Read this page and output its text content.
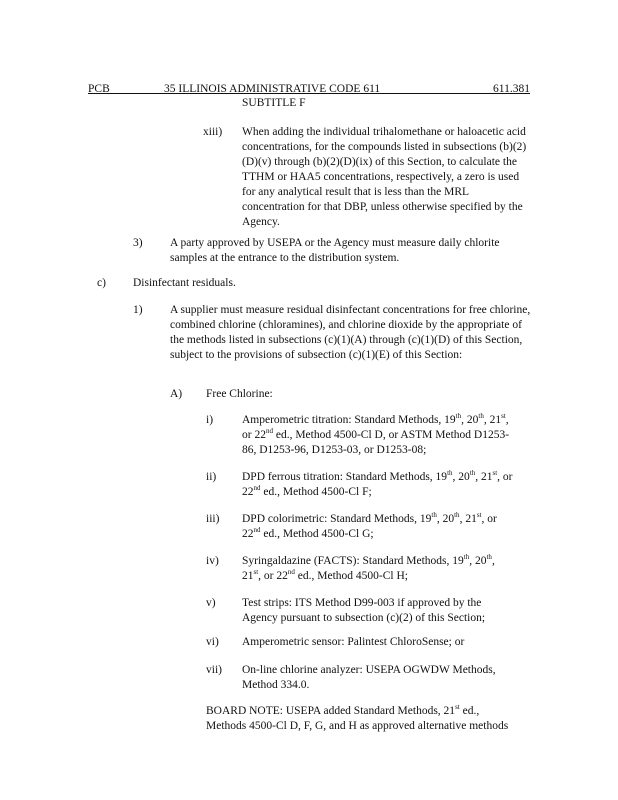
PCB	35 ILLINOIS ADMINISTRATIVE CODE 611	611.381
SUBTITLE F
xiii) When adding the individual trihalomethane or haloacetic acid concentrations, for the compounds listed in subsections (b)(2)(D)(v) through (b)(2)(D)(ix) of this Section, to calculate the TTHM or HAA5 concentrations, respectively, a zero is used for any analytical result that is less than the MRL concentration for that DBP, unless otherwise specified by the Agency.
3) A party approved by USEPA or the Agency must measure daily chlorite samples at the entrance to the distribution system.
c) Disinfectant residuals.
1) A supplier must measure residual disinfectant concentrations for free chlorine, combined chlorine (chloramines), and chlorine dioxide by the appropriate of the methods listed in subsections (c)(1)(A) through (c)(1)(D) of this Section, subject to the provisions of subsection (c)(1)(E) of this Section:
A) Free Chlorine:
i)	Amperometric titration: Standard Methods, 19th, 20th, 21st,
or 22nd ed., Method 4500-Cl D, or ASTM Method D1253-
86, D1253-96, D1253-03, or D1253-08;
ii) DPD ferrous titration: Standard Methods, 19th, 20th, 21st, or
22nd ed., Method 4500-Cl F;
iii) DPD colorimetric: Standard Methods, 19th, 20th, 21st, or
22nd ed., Method 4500-Cl G;
iv) Syringaldazine (FACTS): Standard Methods, 19th, 20th,
21st, or 22nd ed., Method 4500-Cl H;
v) Test strips: ITS Method D99-003 if approved by the Agency pursuant to subsection (c)(2) of this Section;
vi) Amperometric sensor: Palintest ChloroSense; or
vii) On-line chlorine analyzer: USEPA OGWDW Methods, Method 334.0.
BOARD NOTE: USEPA added Standard Methods, 21st ed.,
Methods 4500-Cl D, F, G, and H as approved alternative methods
